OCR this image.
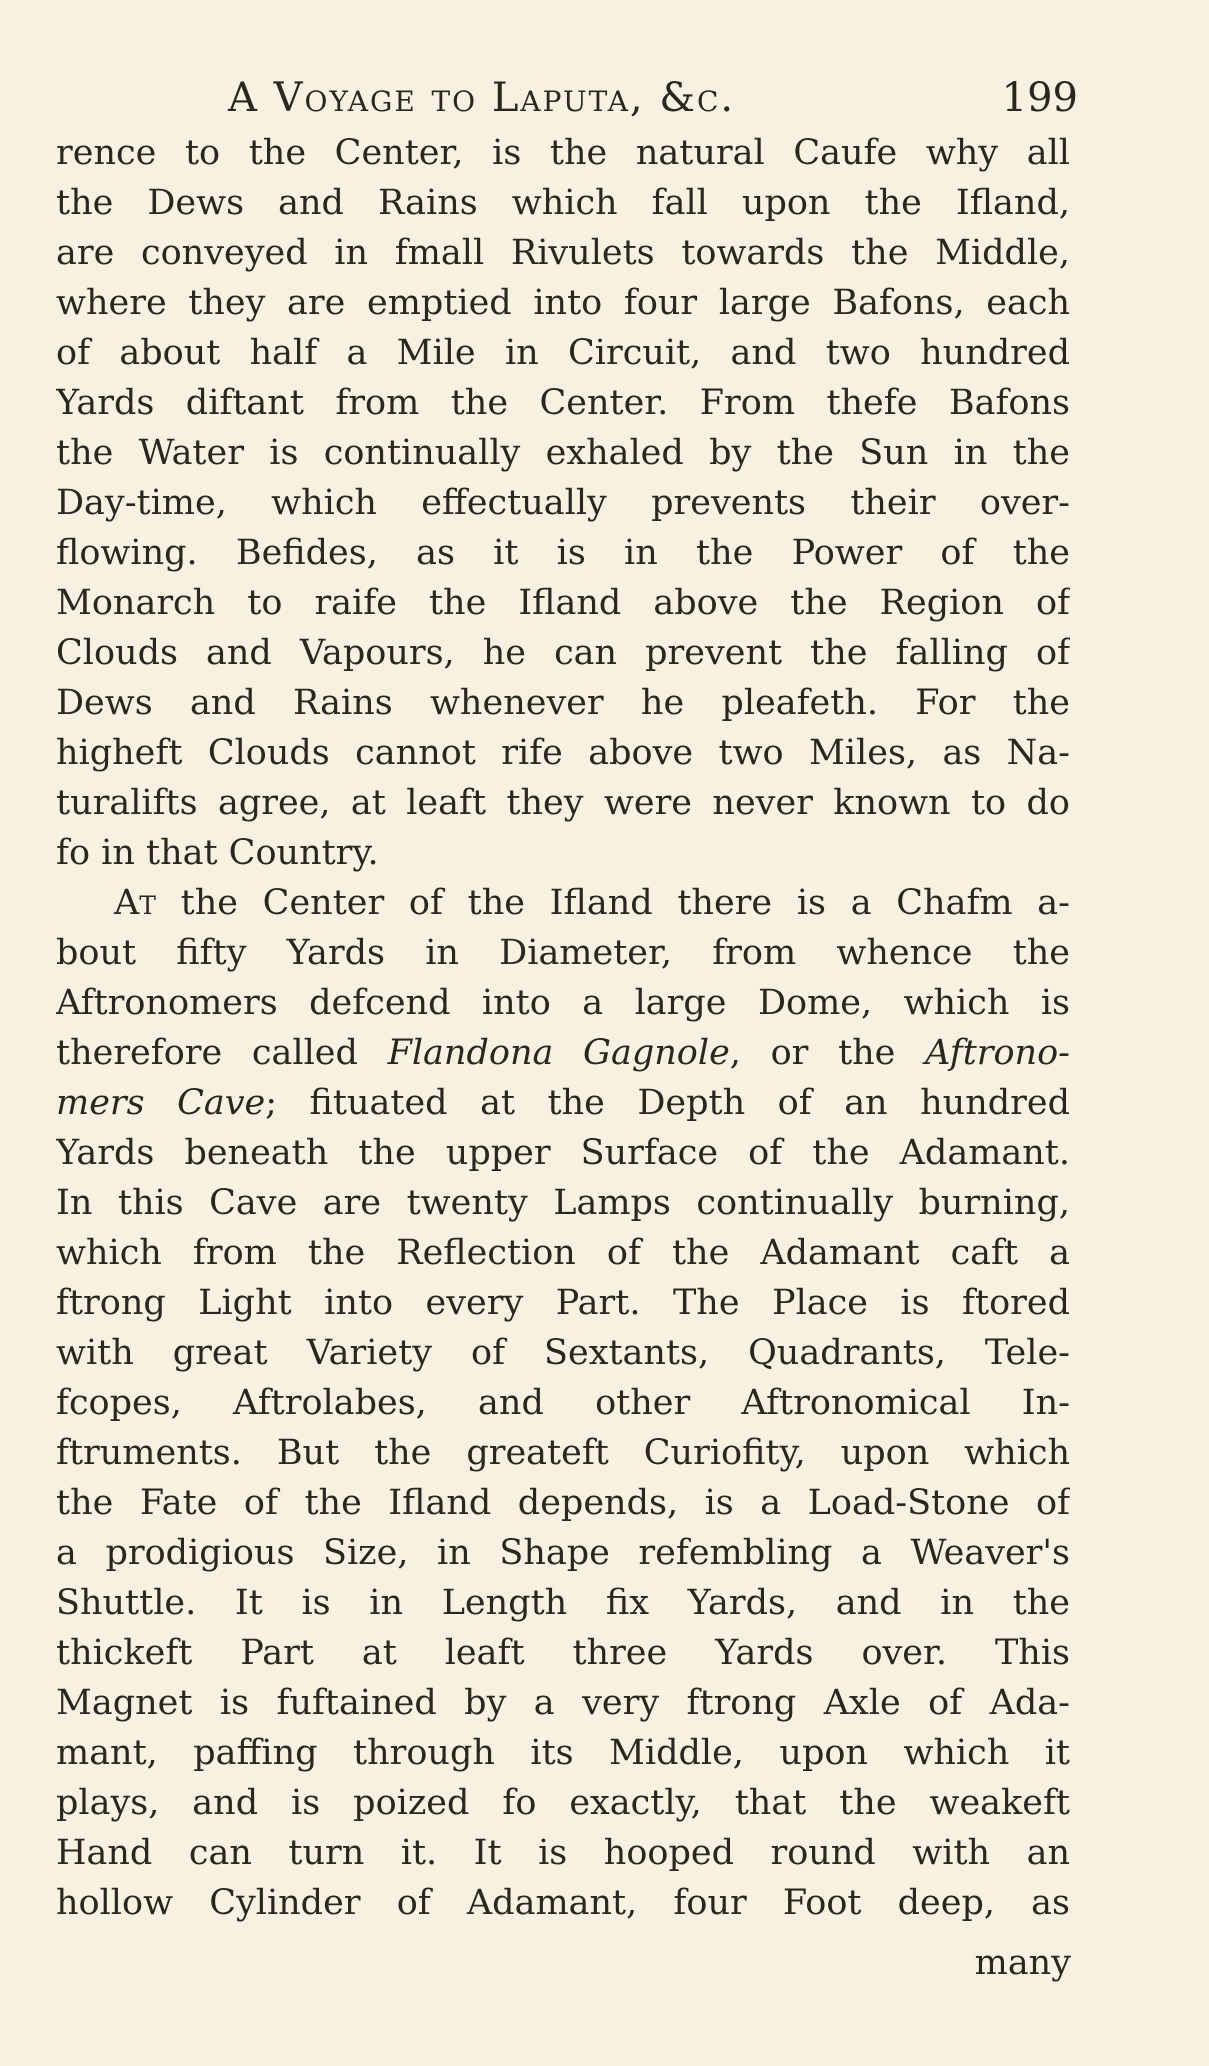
A Voyage to Laputa, &c.	199
rence to the Center, is the natural Caufe why all
the Dews and Rains which fall upon the Ifland,
are conveyed in fmall Rivulets towards the Middle,
where they are emptied into four large Bafons, each
of about half a Mile in Circuit, and two hundred
Yards diftant from the Center. From thefe Bafons
the Water is continually exhaled by the Sun in the
Day-time, which effectually prevents their over-
flowing. Befides, as it is in the Power of the
Monarch to raife the Ifland above the Region of
Clouds and Vapours, he can prevent the falling of
Dews and Rains whenever he pleafeth. For the
higheft Clouds cannot rife above two Miles, as Na-
turalifts agree, at leaft they were never known to do
fo in that Country.
At the Center of the Ifland there is a Chafm a-
bout fifty Yards in Diameter, from whence the
Aftronomers defcend into a large Dome, which is
therefore called Flandona Gagnole, or the Aftrono-
mers Cave; fituated at the Depth of an hundred
Yards beneath the upper Surface of the Adamant.
In this Cave are twenty Lamps continually burning,
which from the Reflection of the Adamant caft a
ftrong Light into every Part. The Place is ftored
with great Variety of Sextants, Quadrants, Tele-
fcopes, Aftrolabes, and other Aftronomical In-
ftruments. But the greateft Curiofity, upon which
the Fate of the Ifland depends, is a Load-Stone of
a prodigious Size, in Shape refembling a Weaver's
Shuttle. It is in Length fix Yards, and in the
thickeft Part at leaft three Yards over. This
Magnet is fuftained by a very ftrong Axle of Ada-
mant, paffing through its Middle, upon which it
plays, and is poized fo exactly, that the weakeft
Hand can turn it. It is hooped round with an
hollow Cylinder of Adamant, four Foot deep, as
many
